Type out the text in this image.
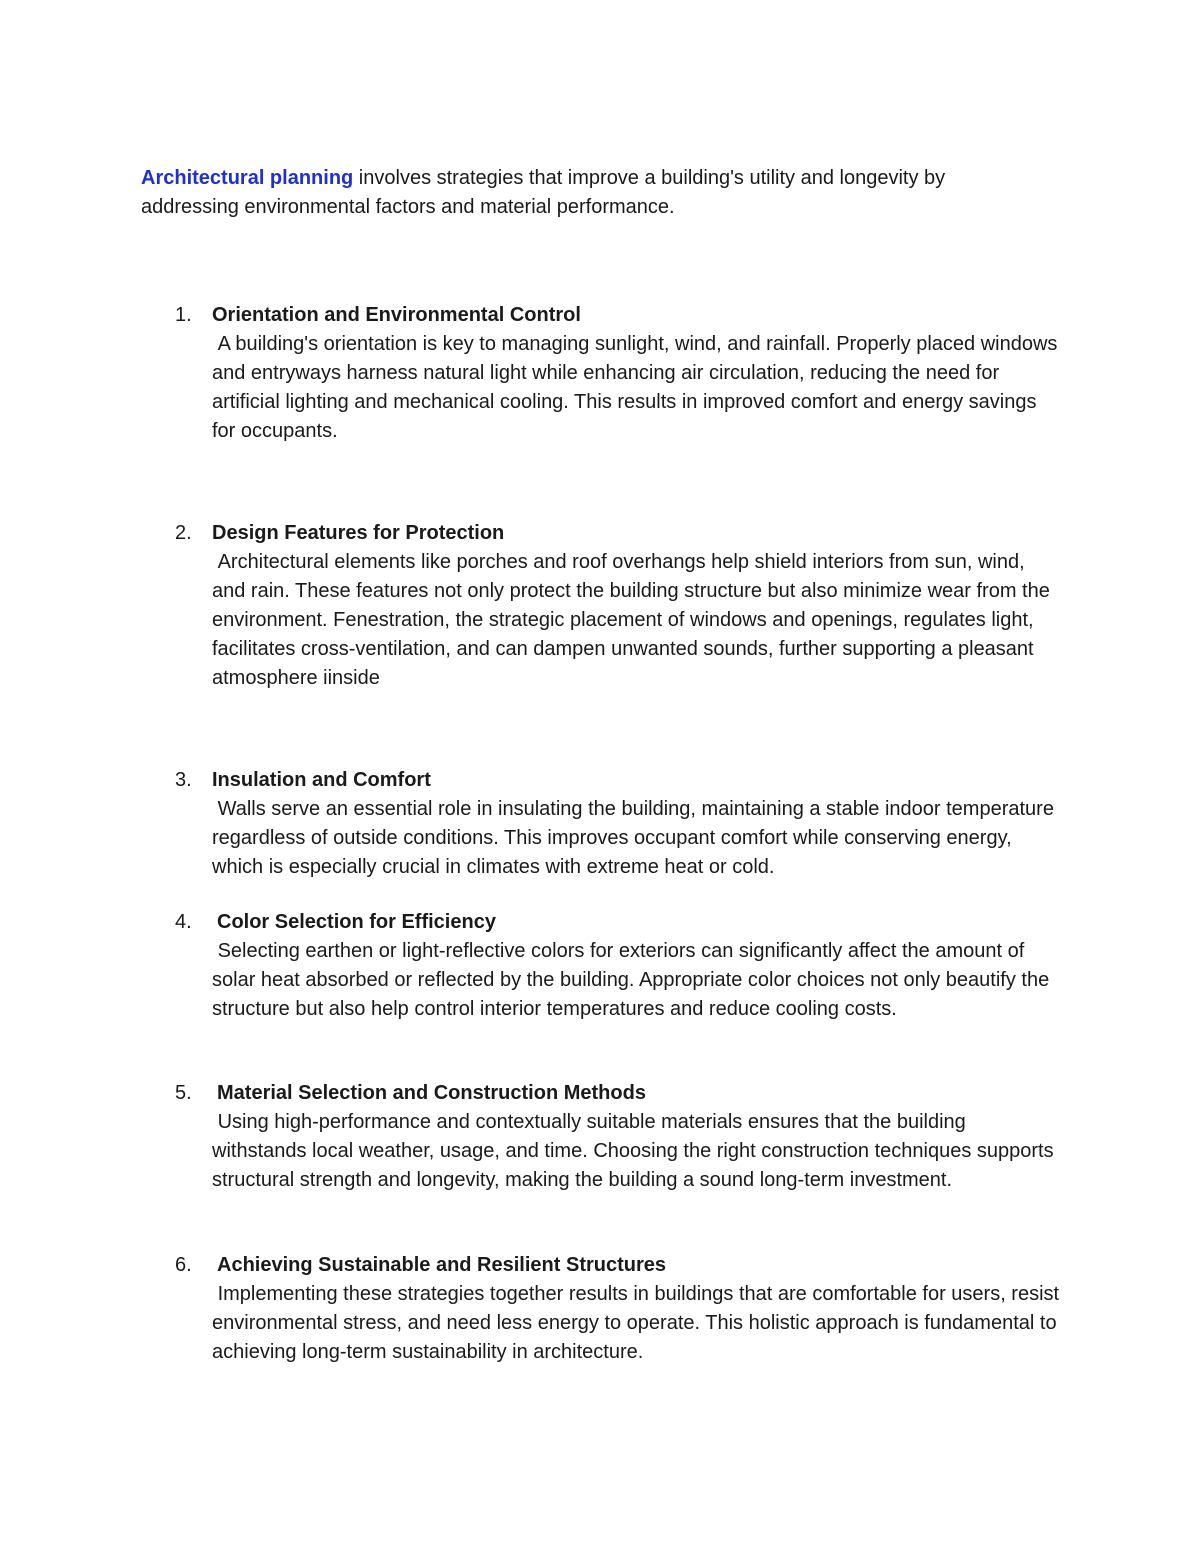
Architectural planning involves strategies that improve a building's utility and longevity by addressing environmental factors and material performance.

1.	Orientation and Environmental Control

A building's orientation is key to managing sunlight, wind, and rainfall. Properly placed windows and entryways harness natural light while enhancing air circulation, reducing the need for artificial lighting and mechanical cooling. This results in improved comfort and energy savings for occupants.

2.	Design Features for Protection

Architectural elements like porches and roof overhangs help shield interiors from sun, wind, and rain. These features not only protect the building structure but also minimize wear from the environment. Fenestration, the strategic placement of windows and openings, regulates light, facilitates cross-ventilation, and can dampen unwanted sounds, further supporting a pleasant atmosphere iinside

3.	Insulation and Comfort

Walls serve an essential role in insulating the building, maintaining a stable indoor temperature regardless of outside conditions. This improves occupant comfort while conserving energy, which is especially crucial in climates with extreme heat or cold.

4.	Color Selection for Efficiency

Selecting earthen or light-reflective colors for exteriors can significantly affect the amount of solar heat absorbed or reflected by the building. Appropriate color choices not only beautify the structure but also help control interior temperatures and reduce cooling costs.

5.	Material Selection and Construction Methods

Using high-performance and contextually suitable materials ensures that the building withstands local weather, usage, and time. Choosing the right construction techniques supports structural strength and longevity, making the building a sound long-term investment.

6.	Achieving Sustainable and Resilient Structures

Implementing these strategies together results in buildings that are comfortable for users, resist environmental stress, and need less energy to operate. This holistic approach is fundamental to achieving long-term sustainability in architecture.
